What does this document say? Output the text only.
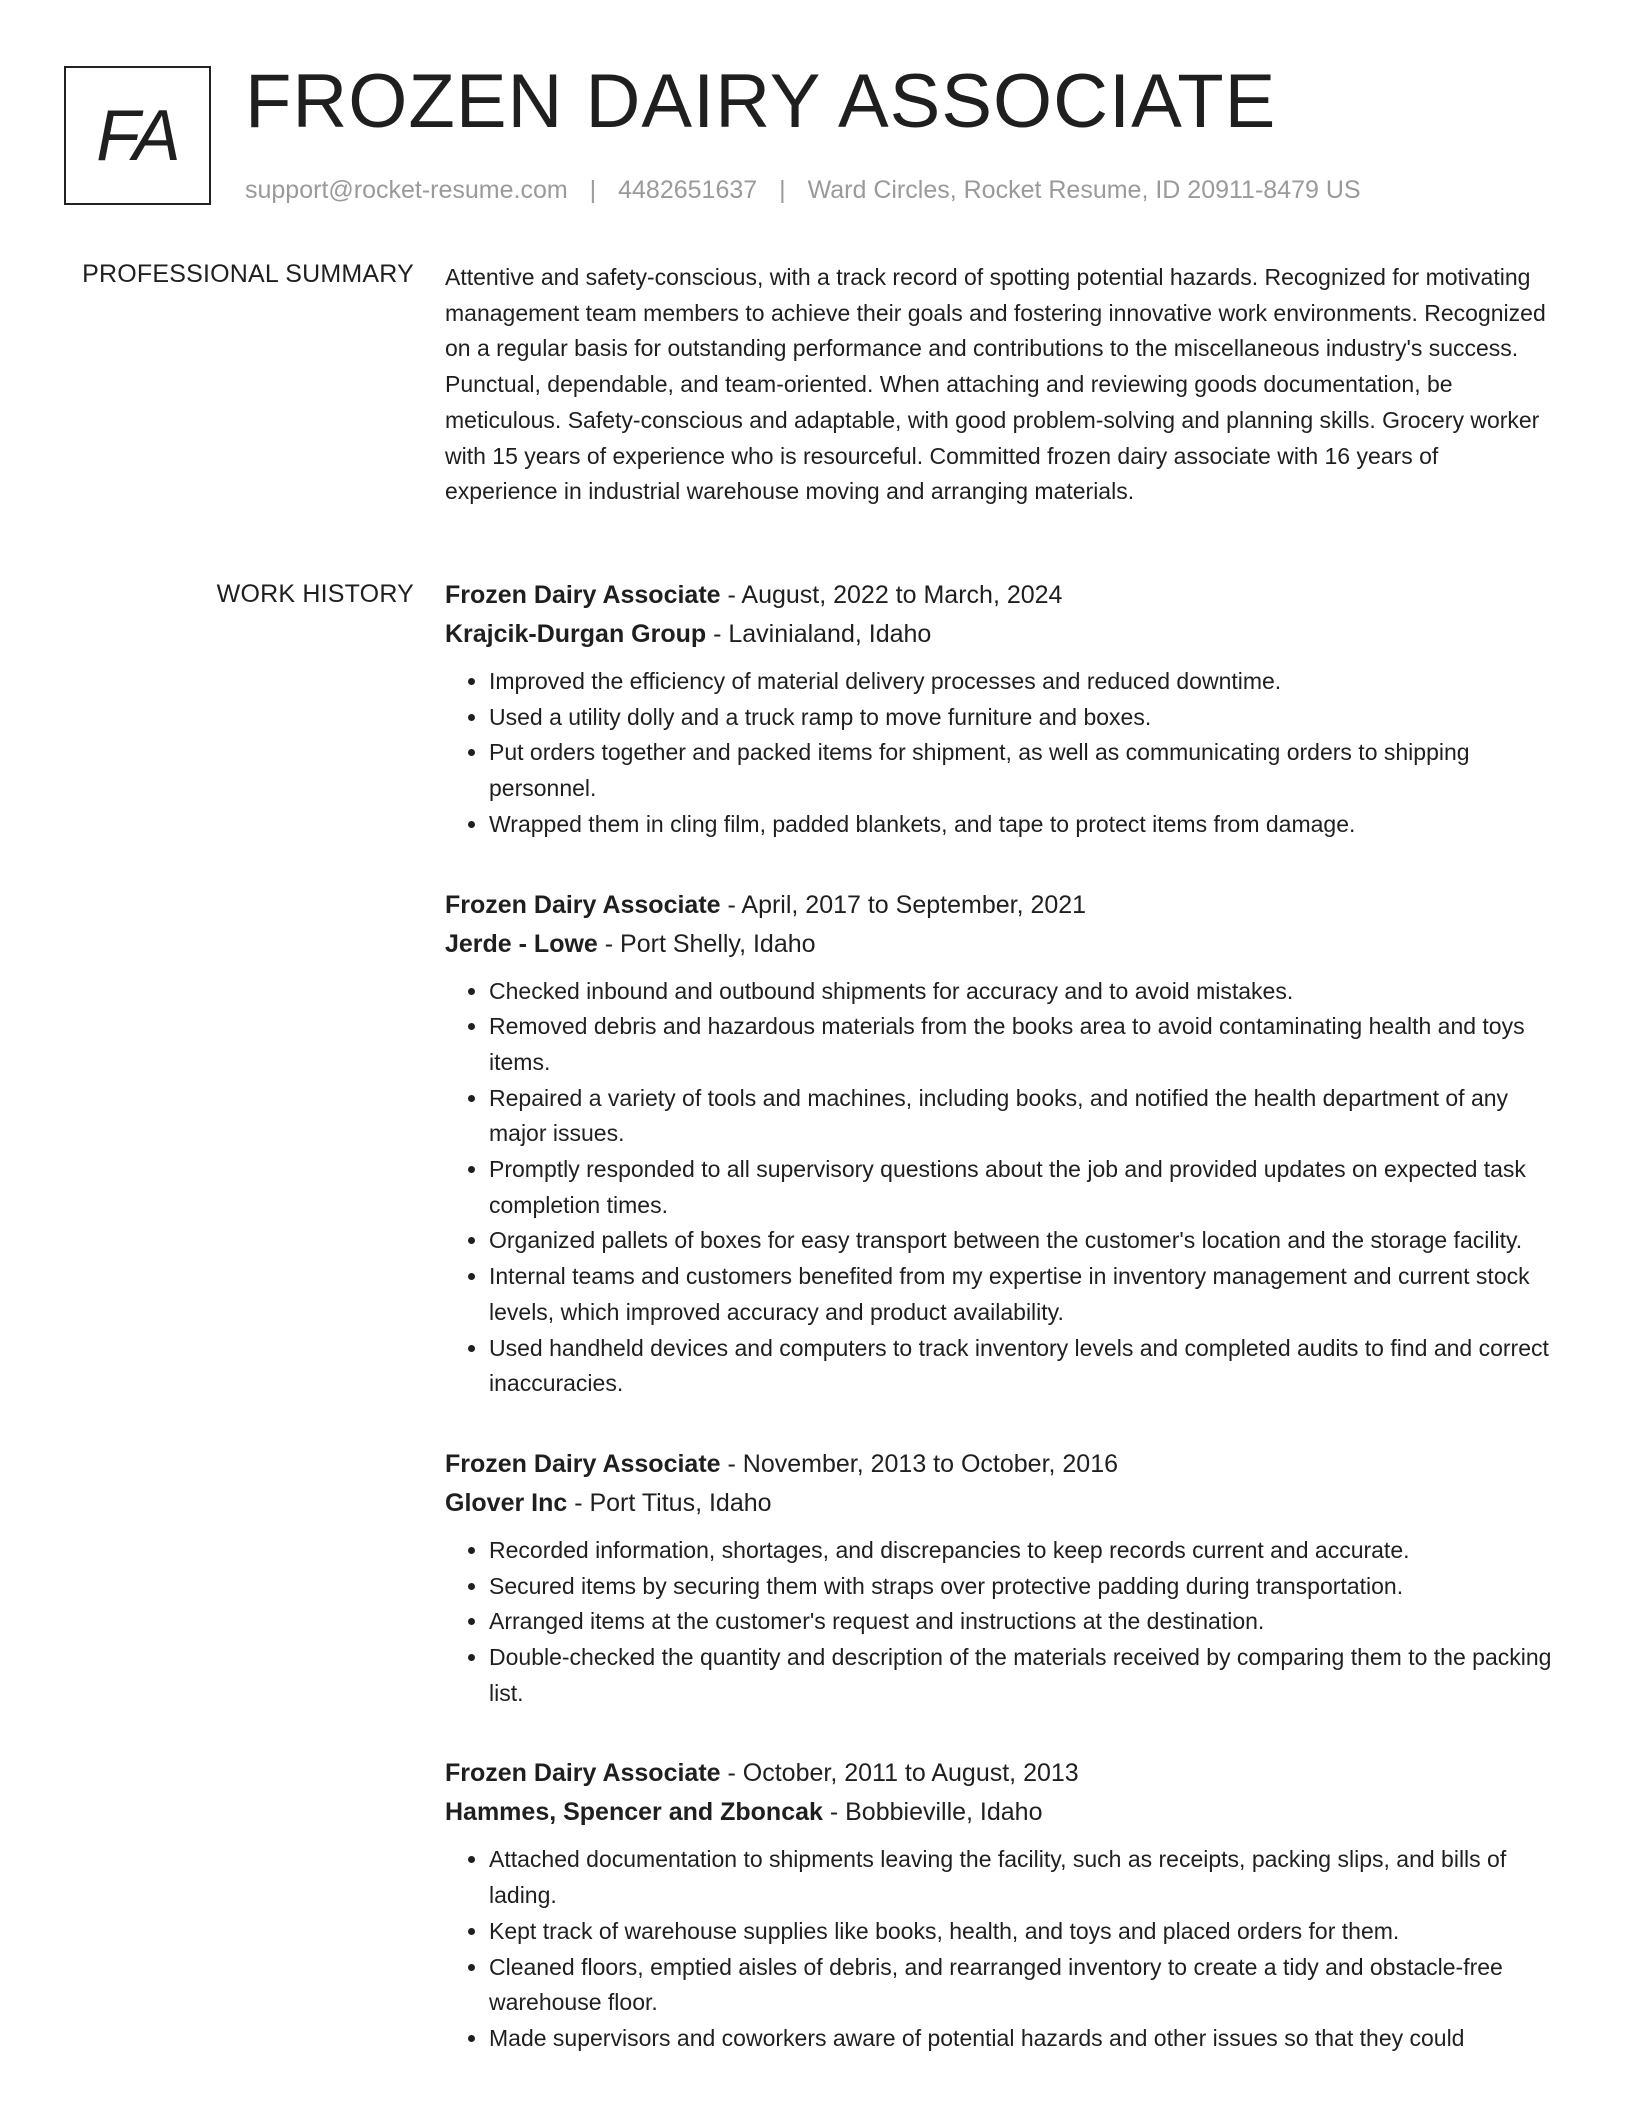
FA FROZEN DAIRY ASSOCIATE
support@rocket-resume.com | 4482651637 | Ward Circles, Rocket Resume, ID 20911-8479 US
PROFESSIONAL SUMMARY Attentive and safety-conscious, with a track record of spotting potential hazards. Recognized for motivating management team members to achieve their goals and fostering innovative work environments. Recognized on a regular basis for outstanding performance and contributions to the miscellaneous industry's success. Punctual, dependable, and team-oriented. When attaching and reviewing goods documentation, be meticulous. Safety-conscious and adaptable, with good problem-solving and planning skills. Grocery worker with 15 years of experience who is resourceful. Committed frozen dairy associate with 16 years of experience in industrial warehouse moving and arranging materials.

WORK HISTORY Frozen Dairy Associate - August, 2022 to March, 2024
Krajcik-Durgan Group - Lavinialand, Idaho
• Improved the efficiency of material delivery processes and reduced downtime.
• Used a utility dolly and a truck ramp to move furniture and boxes.
• Put orders together and packed items for shipment, as well as communicating orders to shipping personnel.
• Wrapped them in cling film, padded blankets, and tape to protect items from damage.
Frozen Dairy Associate - April, 2017 to September, 2021
Jerde - Lowe - Port Shelly, Idaho
• Checked inbound and outbound shipments for accuracy and to avoid mistakes.
• Removed debris and hazardous materials from the books area to avoid contaminating health and toys items.
• Repaired a variety of tools and machines, including books, and notified the health department of any major issues.
• Promptly responded to all supervisory questions about the job and provided updates on expected task completion times.
• Organized pallets of boxes for easy transport between the customer's location and the storage facility.
• Internal teams and customers benefited from my expertise in inventory management and current stock levels, which improved accuracy and product availability.
• Used handheld devices and computers to track inventory levels and completed audits to find and correct inaccuracies.
Frozen Dairy Associate - November, 2013 to October, 2016
Glover Inc - Port Titus, Idaho
• Recorded information, shortages, and discrepancies to keep records current and accurate.
• Secured items by securing them with straps over protective padding during transportation.
• Arranged items at the customer's request and instructions at the destination.
• Double-checked the quantity and description of the materials received by comparing them to the packing list.
Frozen Dairy Associate - October, 2011 to August, 2013
Hammes, Spencer and Zboncak - Bobbieville, Idaho
• Attached documentation to shipments leaving the facility, such as receipts, packing slips, and bills of lading.
• Kept track of warehouse supplies like books, health, and toys and placed orders for them.
• Cleaned floors, emptied aisles of debris, and rearranged inventory to create a tidy and obstacle-free warehouse floor.
• Made supervisors and coworkers aware of potential hazards and other issues so that they could
